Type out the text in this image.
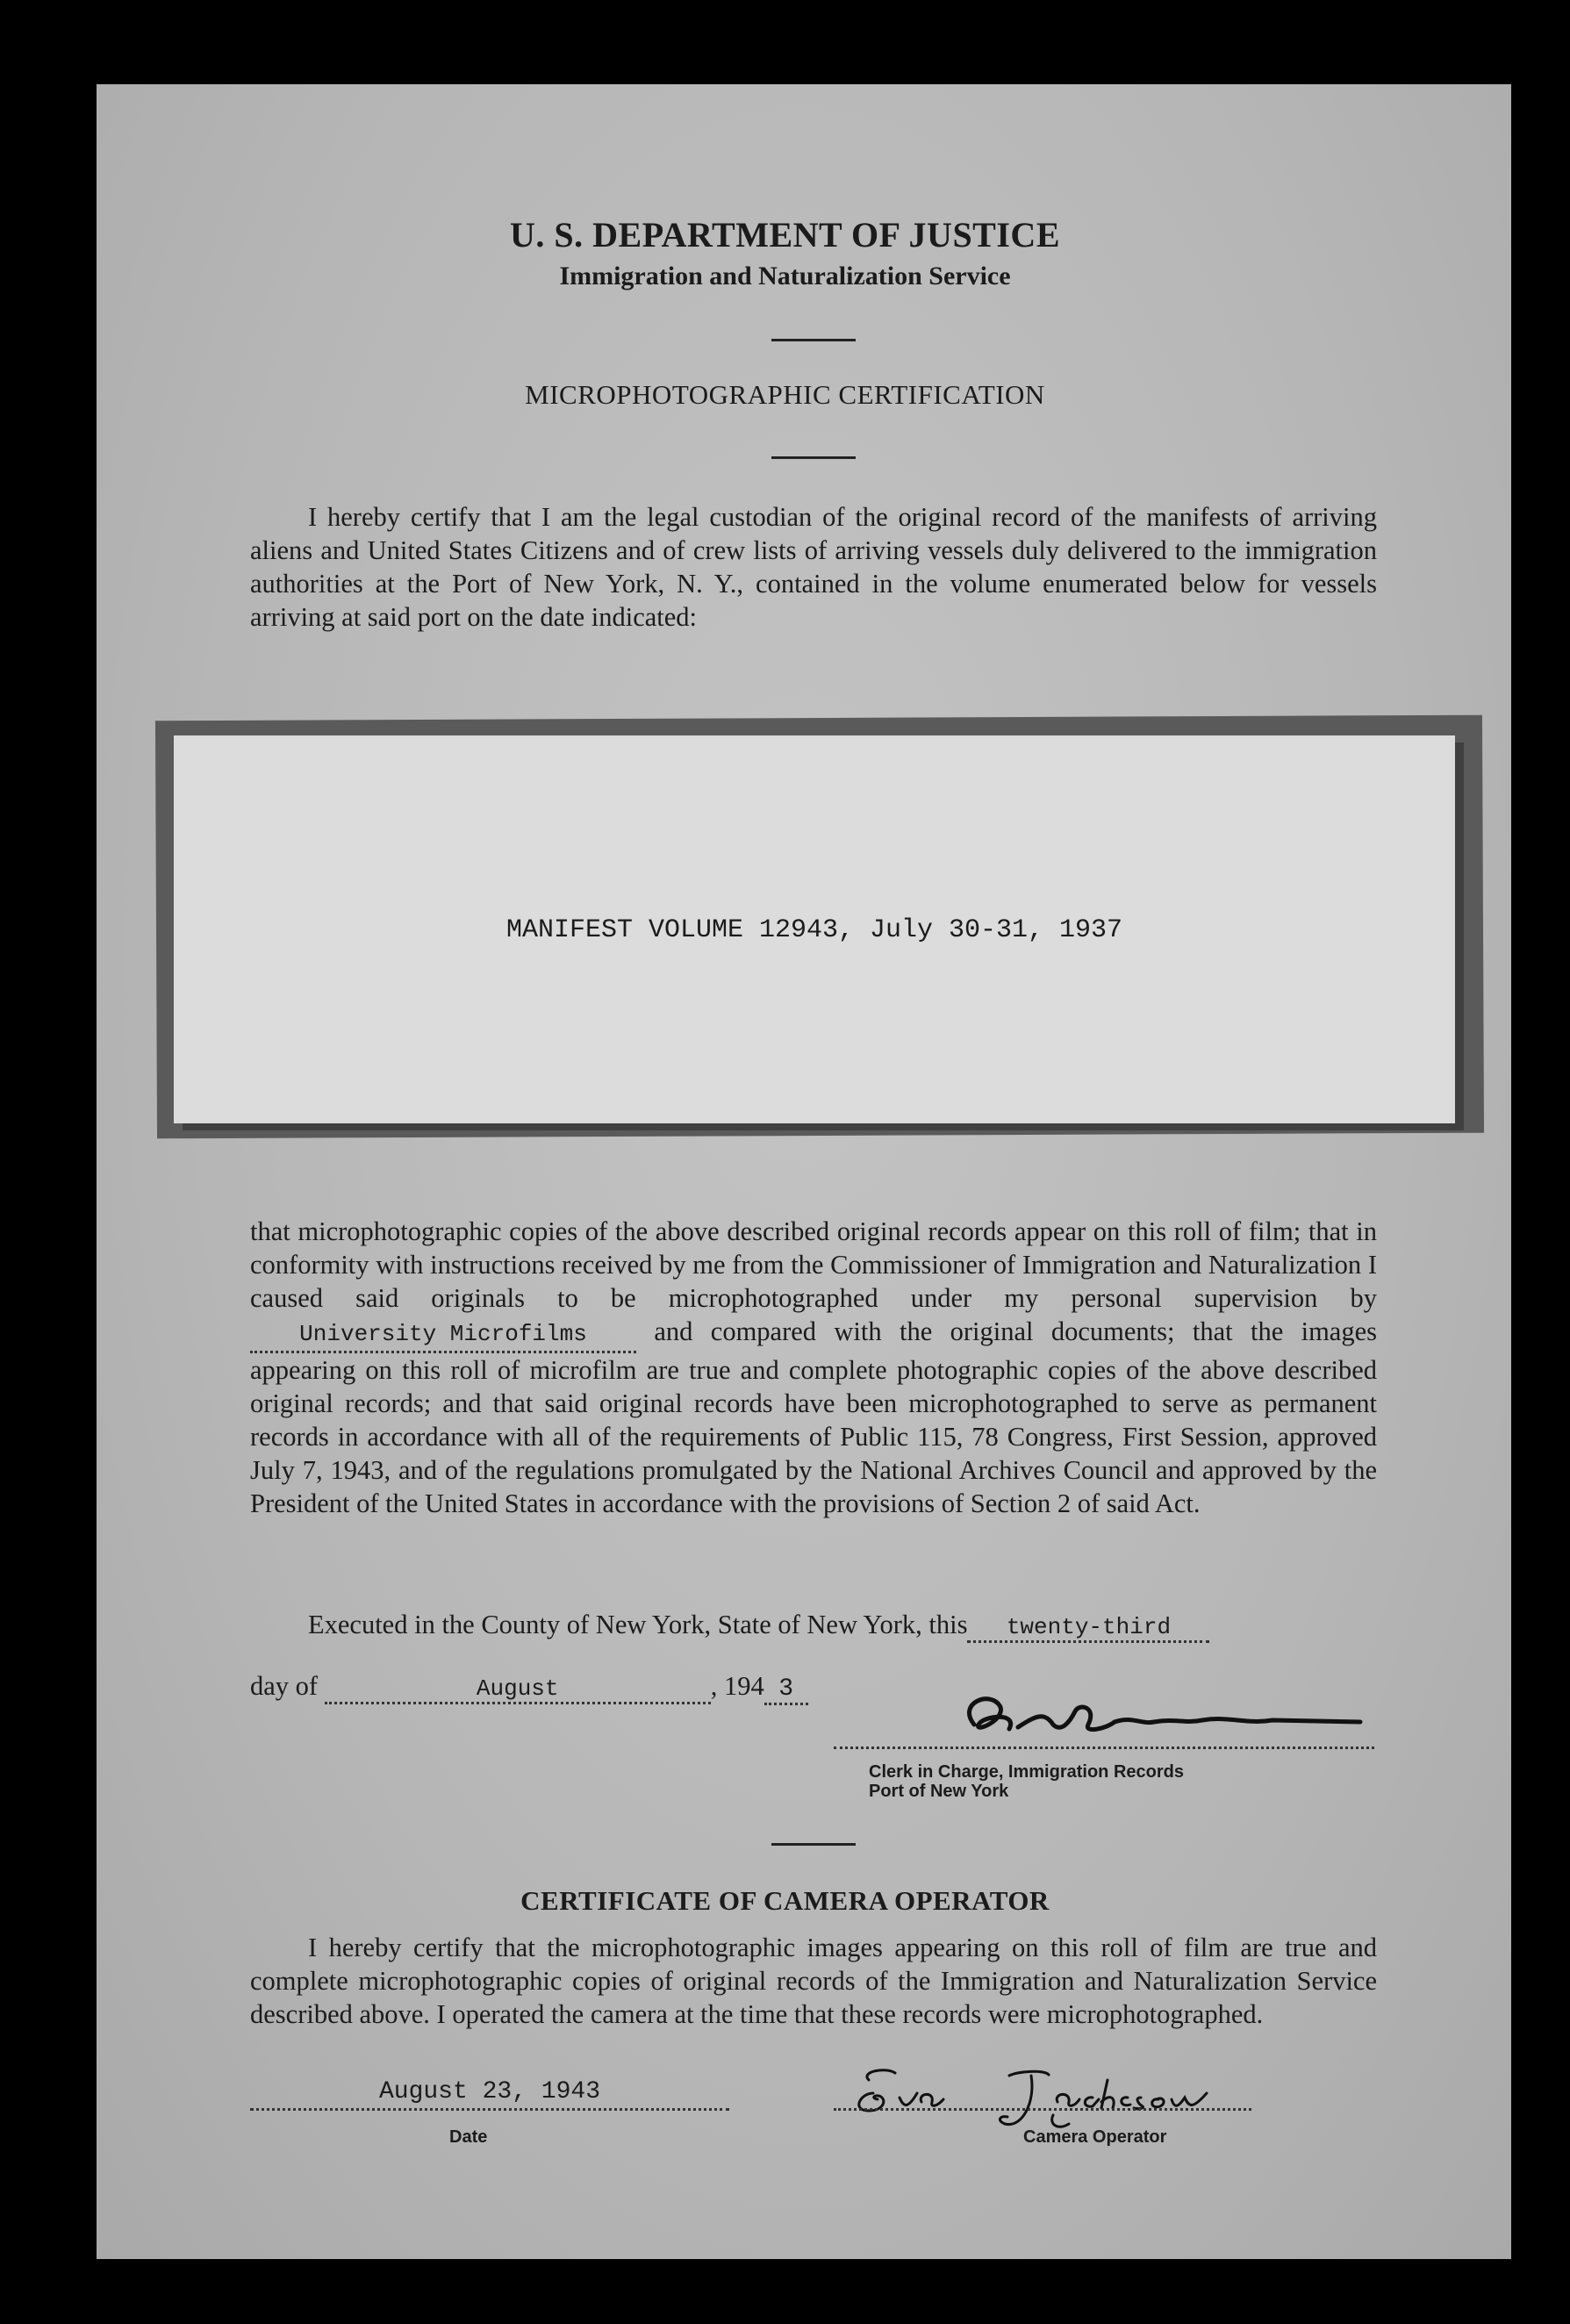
U. S. DEPARTMENT OF JUSTICE
Immigration and Naturalization Service
MICROPHOTOGRAPHIC CERTIFICATION

I hereby certify that I am the legal custodian of the original record of the manifests of arriving aliens and United States Citizens and of crew lists of arriving vessels duly delivered to the immigration authorities at the Port of New York, N. Y., contained in the volume enumerated below for vessels arriving at said port on the date indicated:

MANIFEST VOLUME 12943, July 30-31, 1937

that microphotographic copies of the above described original records appear on this roll of film; that in conformity with instructions received by me from the Commissioner of Immigration and Naturalization I caused said originals to be microphotographed under my personal supervision by University Microfilms	and compared with the original documents; that the images appearing on this roll of microfilm are true and complete photographic copies of the above described original records; and that said original records have been microphotographed to serve as permanent records in accordance with all of the requirements of Public 115, 78 Congress, First Session, approved July 7, 1943, and of the regulations promulgated by the National Archives Council and approved by the President of the United States in accordance with the provisions of Section 2 of said Act.

Executed in the County of New York, State of New York, this twenty-third
day of	August	, 194 3
Clerk in Charge, Immigration Records
Port of New York
CERTIFICATE OF CAMERA OPERATOR

I hereby certify that the microphotographic images appearing on this roll of film are true and complete microphotographic copies of original records of the Immigration and Naturalization Service described above. I operated the camera at the time that these records were microphotographed.

August 23, 1943
Date	Camera Operator
